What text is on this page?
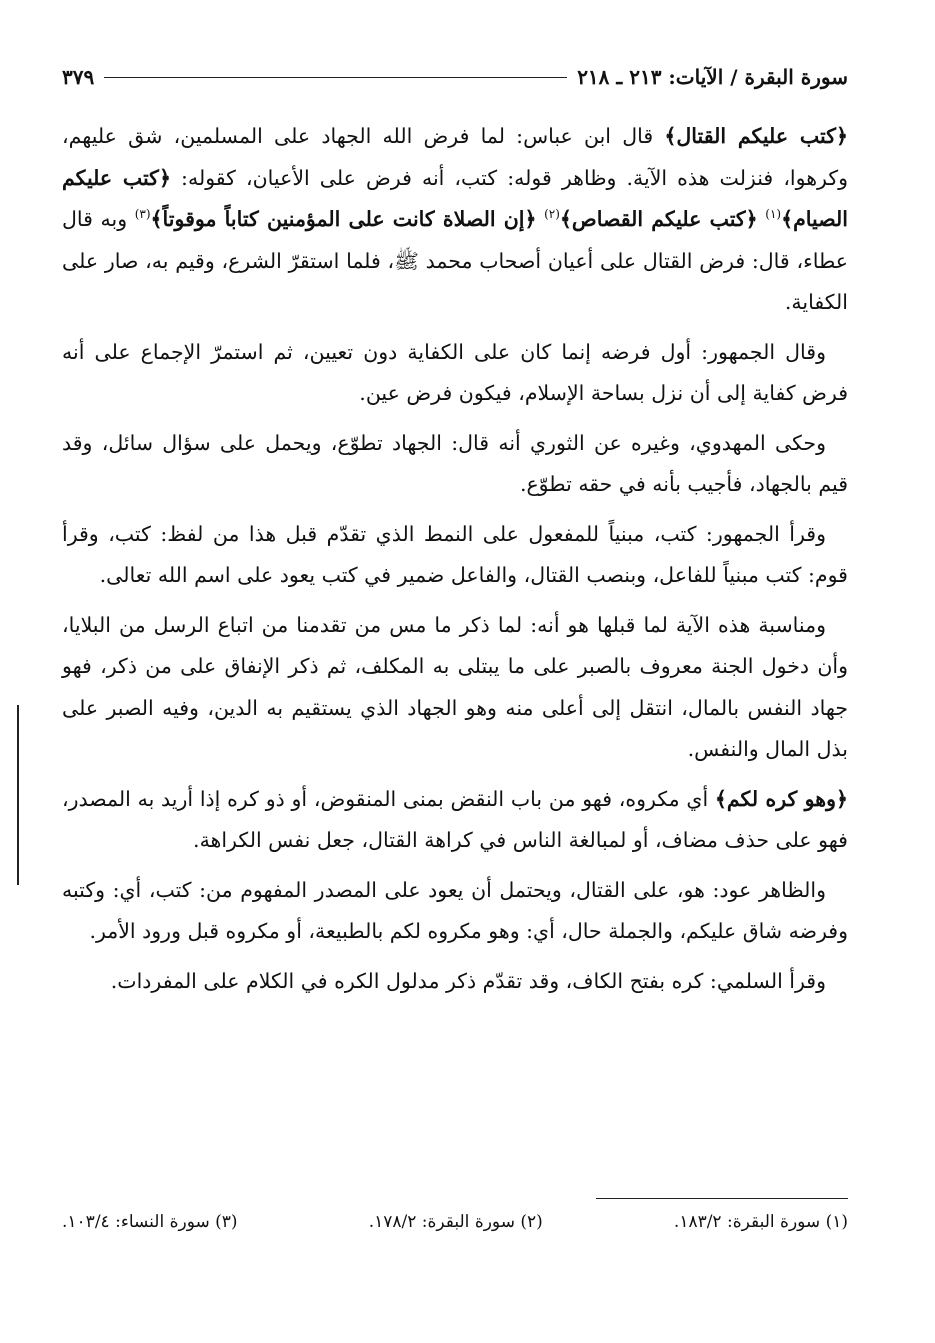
سورة البقرة / الآيات: ٢١٣ ـ ٢١٨
٣٧٩

﴿كتب عليكم القتال﴾ قال ابن عباس: لما فرض الله الجهاد على المسلمين، شق عليهم، وكرهوا، فنزلت هذه الآية. وظاهر قوله: كتب، أنه فرض على الأعيان، كقوله: ﴿كتب عليكم الصيام﴾$^{(١)}$ ﴿كتب عليكم القصاص﴾$^{(٢)}$ ﴿إن الصلاة كانت على المؤمنين كتاباً موقوتاً﴾$^{(٣)}$ وبه قال عطاء، قال: فرض القتال على أعيان أصحاب محمد ﷺ، فلما استقرّ الشرع، وقيم به، صار على الكفاية.

وقال الجمهور: أول فرضه إنما كان على الكفاية دون تعيين، ثم استمرّ الإجماع على أنه فرض كفاية إلى أن نزل بساحة الإسلام، فيكون فرض عين.

وحكى المهدوي، وغيره عن الثوري أنه قال: الجهاد تطوّع، ويحمل على سؤال سائل، وقد قيم بالجهاد، فأجيب بأنه في حقه تطوّع.

وقرأ الجمهور: كتب، مبنياً للمفعول على النمط الذي تقدّم قبل هذا من لفظ: كتب، وقرأ قوم: كتب مبنياً للفاعل، وبنصب القتال، والفاعل ضمير في كتب يعود على اسم الله تعالى.

ومناسبة هذه الآية لما قبلها هو أنه: لما ذكر ما مس من تقدمنا من اتباع الرسل من البلايا، وأن دخول الجنة معروف بالصبر على ما يبتلى به المكلف، ثم ذكر الإنفاق على من ذكر، فهو جهاد النفس بالمال، انتقل إلى أعلى منه وهو الجهاد الذي يستقيم به الدين، وفيه الصبر على بذل المال والنفس.

﴿وهو كره لكم﴾ أي مكروه، فهو من باب النقض بمنى المنقوض، أو ذو كره إذا أريد به المصدر، فهو على حذف مضاف، أو لمبالغة الناس في كراهة القتال، جعل نفس الكراهة.

والظاهر عود: هو، على القتال، ويحتمل أن يعود على المصدر المفهوم من: كتب، أي: وكتبه وفرضه شاق عليكم، والجملة حال، أي: وهو مكروه لكم بالطبيعة، أو مكروه قبل ورود الأمر.

وقرأ السلمي: كره بفتح الكاف، وقد تقدّم ذكر مدلول الكره في الكلام على المفردات.

(١) سورة البقرة: ١٨٣/٢.
(٢) سورة البقرة: ١٧٨/٢.
(٣) سورة النساء: ١٠٣/٤.
